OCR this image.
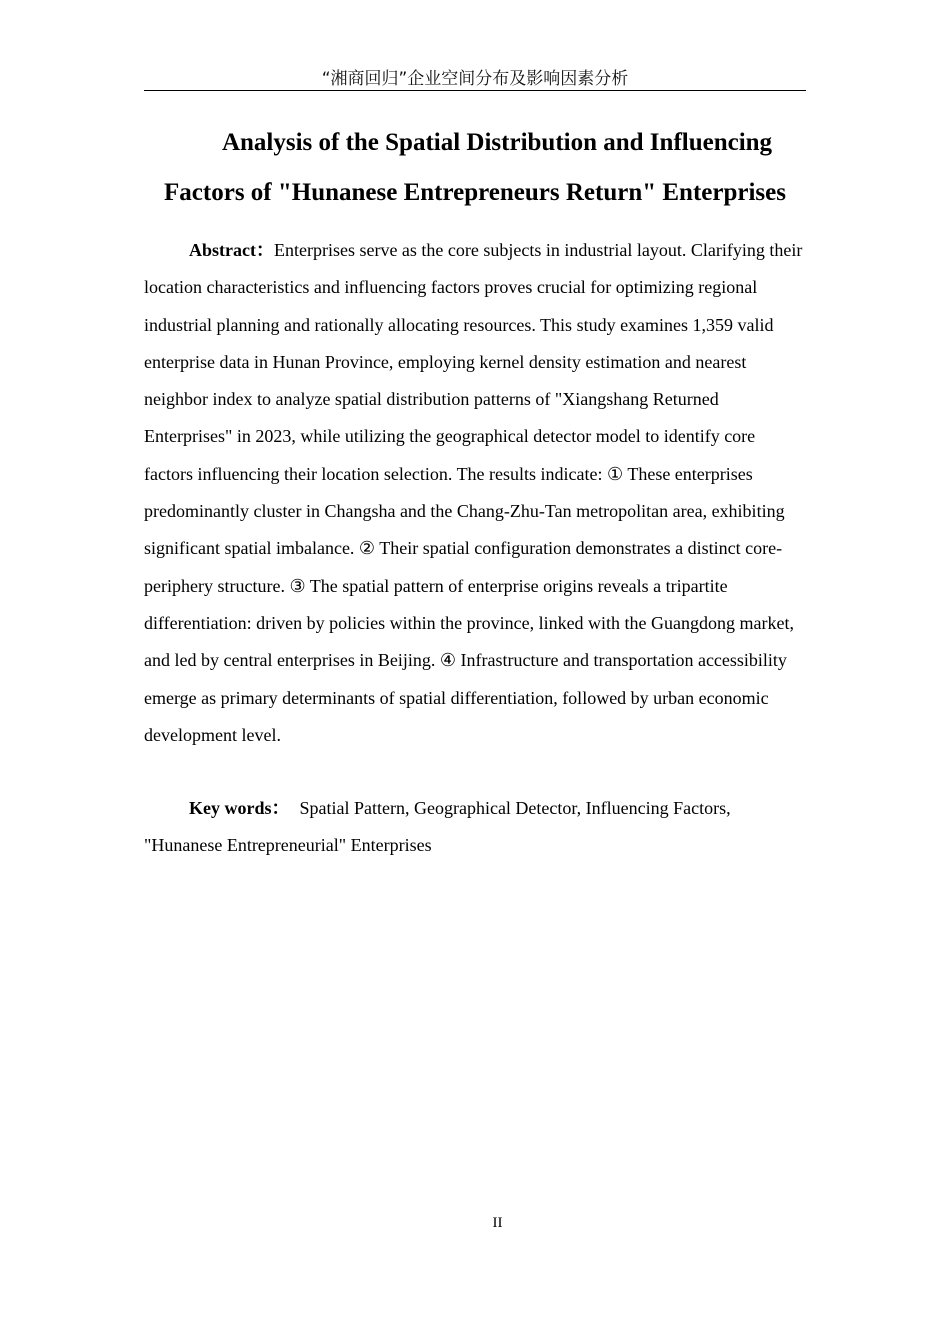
“湘商回归”企业空间分布及影响因素分析
Analysis of the Spatial Distribution and Influencing
Factors of "Hunanese Entrepreneurs Return" Enterprises

Abstract：Enterprises serve as the core subjects in industrial layout. Clarifying their location characteristics and influencing factors proves crucial for optimizing regional industrial planning and rationally allocating resources. This study examines 1,359 valid enterprise data in Hunan Province, employing kernel density estimation and nearest neighbor index to analyze spatial distribution patterns of "Xiangshang Returned Enterprises" in 2023, while utilizing the geographical detector model to identify core factors influencing their location selection. The results indicate: ① These enterprises predominantly cluster in Changsha and the Chang-Zhu-Tan metropolitan area, exhibiting significant spatial imbalance. ② Their spatial configuration demonstrates a distinct core-periphery structure. ③ The spatial pattern of enterprise origins reveals a tripartite differentiation: driven by policies within the province, linked with the Guangdong market, and led by central enterprises in Beijing. ④ Infrastructure and transportation accessibility emerge as primary determinants of spatial differentiation, followed by urban economic development level.

Key words： Spatial Pattern, Geographical Detector, Influencing Factors, "Hunanese Entrepreneurial" Enterprises

II
